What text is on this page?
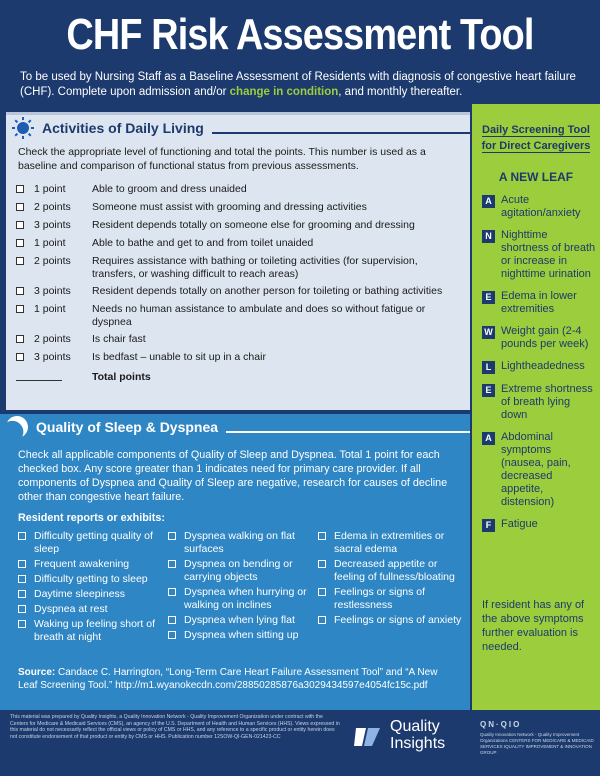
CHF Risk Assessment Tool
To be used by Nursing Staff as a Baseline Assessment of Residents with diagnosis of congestive heart failure (CHF). Complete upon admission and/or change in condition, and monthly thereafter.
Activities of Daily Living
Check the appropriate level of functioning and total the points. This number is used as a baseline and comparison of functional status from previous assessments.
	1 point	Able to groom and dress unaided
	2 points	Someone must assist with grooming and dressing activities
	3 points	Resident depends totally on someone else for grooming and dressing
	1 point	Able to bathe and get to and from toilet unaided
	2 points	Requires assistance with bathing or toileting activities (for supervision, transfers, or washing difficult to reach areas)
	3 points	Resident depends totally on another person for toileting or bathing activities
	1 point	Needs no human assistance to ambulate and does so without fatigue or dyspnea
	2 points	Is chair fast
	3 points	Is bedfast – unable to sit up in a chair
		Total points
Quality of Sleep & Dyspnea
Check all applicable components of Quality of Sleep and Dyspnea. Total 1 point for each checked box. Any score greater than 1 indicates need for primary care provider. If all components of Dyspnea and Quality of Sleep are negative, research for causes of decline other than congestive heart failure.
Resident reports or exhibits:
Difficulty getting quality of sleep
Frequent awakening
Difficulty getting to sleep
Daytime sleepiness
Dyspnea at rest
Waking up feeling short of breath at night
Dyspnea walking on flat surfaces
Dyspnea on bending or carrying objects
Dyspnea when hurrying or walking on inclines
Dyspnea when lying flat
Dyspnea when sitting up
Edema in extremities or sacral edema
Decreased appetite or feeling of fullness/bloating
Feelings or signs of restlessness
Feelings or signs of anxiety
Source: Candace C. Harrington, “Long-Term Care Heart Failure Assessment Tool” and “A New Leaf Screening Tool.” http://m1.wyanokecdn.com/28850285876a3029434597e4054fc15c.pdf
Daily Screening Tool
for Direct Caregivers
A NEW LEAF
A Acute agitation/anxiety
N Nighttime shortness of breath or increase in nighttime urination
E Edema in lower extremities
W Weight gain (2-4 pounds per week)
L Lightheadedness
E Extreme shortness of breath lying down
A Abdominal symptoms (nausea, pain, decreased appetite, distension)
F Fatigue
If resident has any of the above symptoms further evaluation is needed.
This material was prepared by Quality Insights, a Quality Innovation Network - Quality Improvement Organization under contract with the Centers for Medicare & Medicaid Services (CMS), an agency of the U.S. Department of Health and Human Services (HHS). Views expressed in this material do not necessarily reflect the official views or policy of CMS or HHS, and any reference to a specific product or entity herein does not constitute endorsement of that product or entity by CMS or HHS. Publication number 12SOW-QI-GEN-021423-CC
Quality
Insights
QN·QIO
Quality Innovation Network - Quality Improvement Organizations CENTERS FOR MEDICARE & MEDICAID SERVICES IQUALITY IMPROVEMENT & INNOVATION GROUP
